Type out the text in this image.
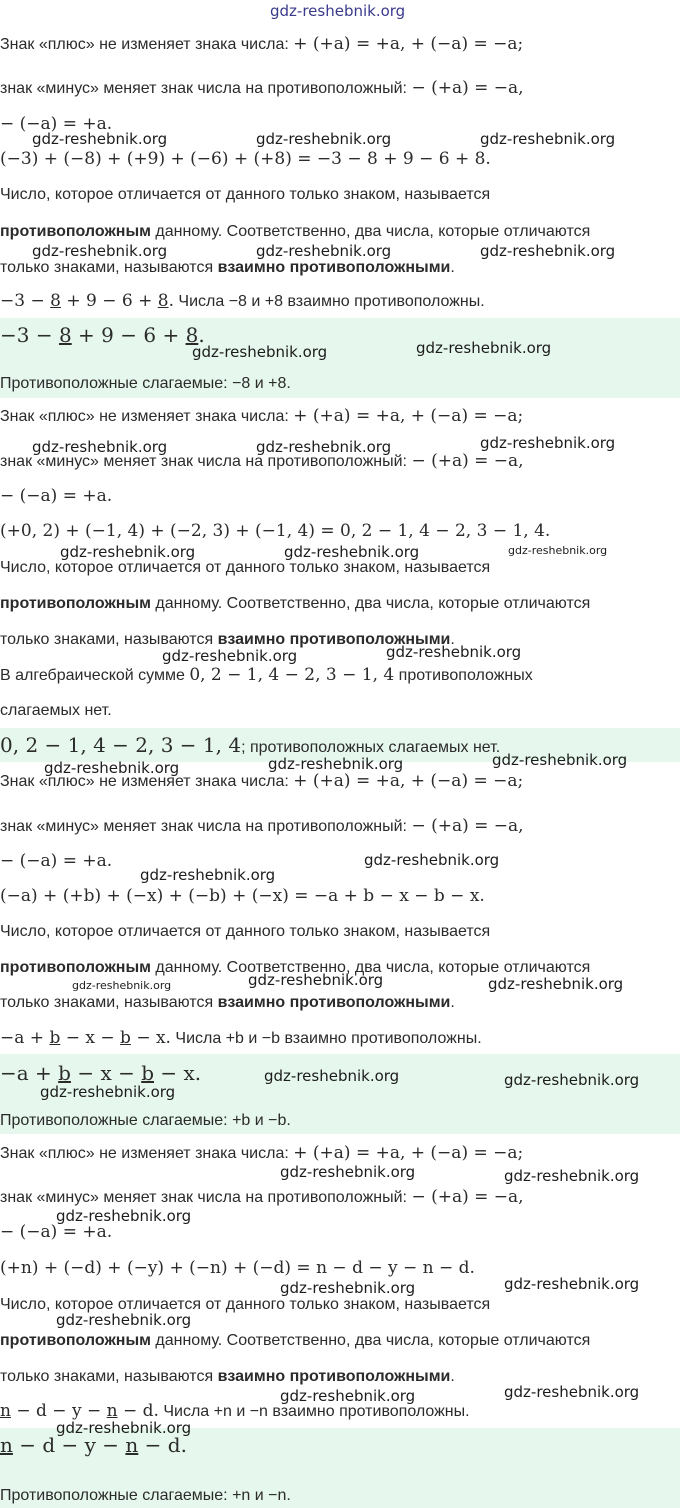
gdz-reshebnik.org
Знак «плюс» не изменяет знака числа: + (+a) = +a, + (−a) = −a;
знак «минус» меняет знак числа на противоположный: − (+a) = −a,
− (−a) = +a.
(−3) + (−8) + (+9) + (−6) + (+8) = −3 − 8 + 9 − 6 + 8.
Число, которое отличается от данного только знаком, называется
противоположным данному. Соответственно, два числа, которые отличаются
только знаками, называются взаимно противоположными.
−3 − 8 + 9 − 6 + 8. Числа −8 и +8 взаимно противоположны.
−3 − 8 + 9 − 6 + 8.
Противоположные слагаемые: −8 и +8.
Знак «плюс» не изменяет знака числа: + (+a) = +a, + (−a) = −a;
знак «минус» меняет знак числа на противоположный: − (+a) = −a,
− (−a) = +a.
(+0, 2) + (−1, 4) + (−2, 3) + (−1, 4) = 0, 2 − 1, 4 − 2, 3 − 1, 4.
Число, которое отличается от данного только знаком, называется
противоположным данному. Соответственно, два числа, которые отличаются
только знаками, называются взаимно противоположными.
В алгебраической сумме 0, 2 − 1, 4 − 2, 3 − 1, 4 противоположных
слагаемых нет.
0, 2 − 1, 4 − 2, 3 − 1, 4; противоположных слагаемых нет.
Знак «плюс» не изменяет знака числа: + (+a) = +a, + (−a) = −a;
знак «минус» меняет знак числа на противоположный: − (+a) = −a,
− (−a) = +a.
(−a) + (+b) + (−x) + (−b) + (−x) = −a + b − x − b − x.
Число, которое отличается от данного только знаком, называется
противоположным данному. Соответственно, два числа, которые отличаются
только знаками, называются взаимно противоположными.
−a + b − x − b − x. Числа +b и −b взаимно противоположны.
−a + b − x − b − x.
Противоположные слагаемые: +b и −b.
Знак «плюс» не изменяет знака числа: + (+a) = +a, + (−a) = −a;
знак «минус» меняет знак числа на противоположный: − (+a) = −a,
− (−a) = +a.
(+n) + (−d) + (−y) + (−n) + (−d) = n − d − y − n − d.
Число, которое отличается от данного только знаком, называется
противоположным данному. Соответственно, два числа, которые отличаются
только знаками, называются взаимно противоположными.
n − d − y − n − d. Числа +n и −n взаимно противоположны.
n − d − y − n − d.
Противоположные слагаемые: +n и −n.
gdz-reshebnik.org	gdz-reshebnik.org	gdz-reshebnik.org
gdz-reshebnik.org	gdz-reshebnik.org	gdz-reshebnik.org
gdz-reshebnik.org	gdz-reshebnik.org
gdz-reshebnik.org	gdz-reshebnik.org	gdz-reshebnik.org
gdz-reshebnik.org	gdz-reshebnik.org	gdz-reshebnik.org
gdz-reshebnik.org	gdz-reshebnik.org
gdz-reshebnik.org	gdz-reshebnik.org	gdz-reshebnik.org
gdz-reshebnik.org
gdz-reshebnik.org
gdz-reshebnik.org	gdz-reshebnik.org	gdz-reshebnik.org
gdz-reshebnik.org
gdz-reshebnik.org	gdz-reshebnik.org
gdz-reshebnik.org	gdz-reshebnik.org
gdz-reshebnik.org
gdz-reshebnik.org	gdz-reshebnik.org
gdz-reshebnik.org
gdz-reshebnik.org	gdz-reshebnik.org
gdz-reshebnik.org
